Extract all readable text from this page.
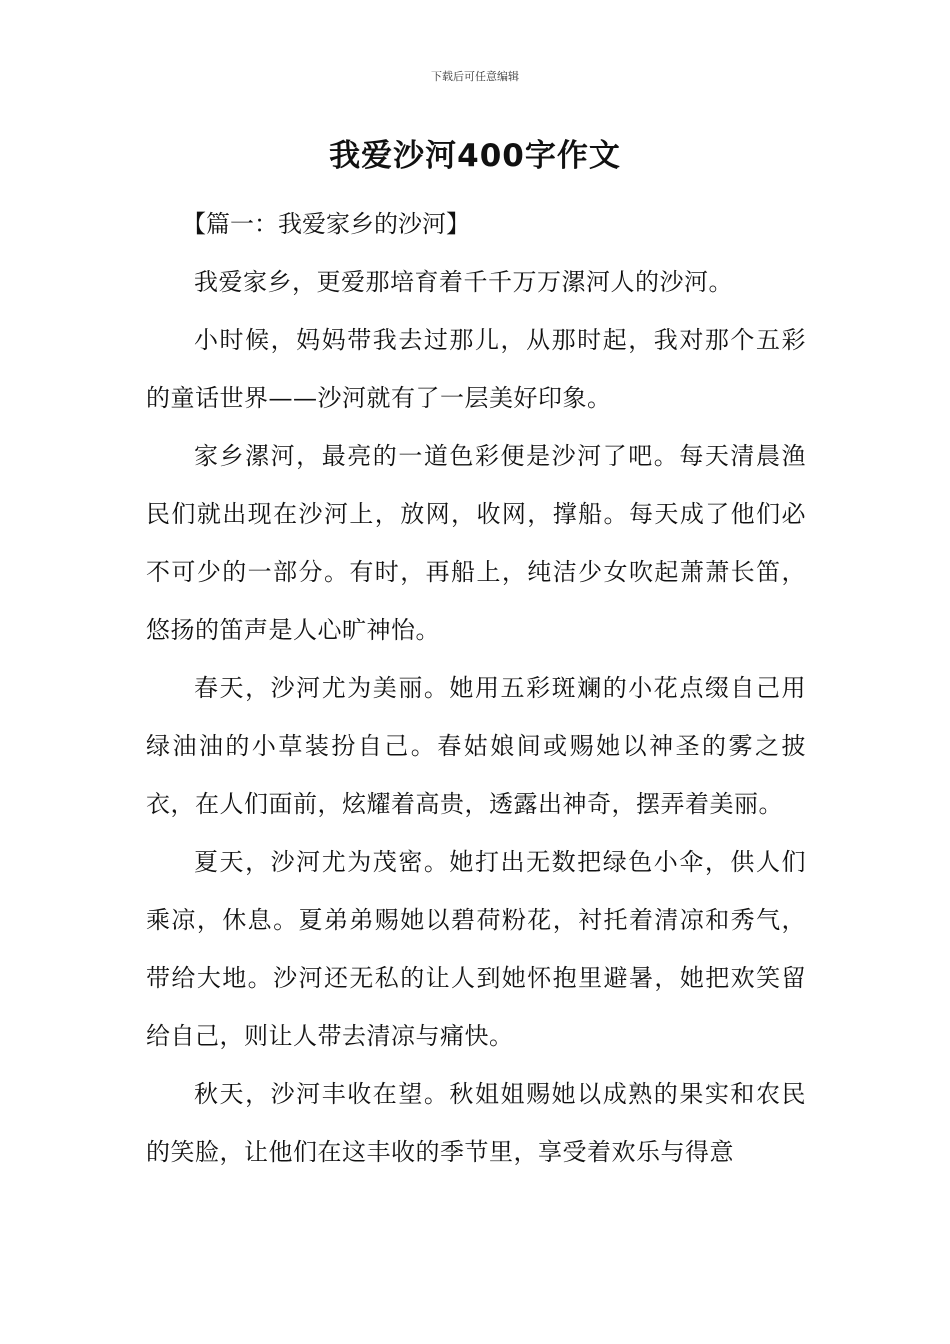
下载后可任意编辑
我爱沙河400字作文

【篇一：我爱家乡的沙河】

我爱家乡，更爱那培育着千千万万漯河人的沙河。

小时候，妈妈带我去过那儿，从那时起，我对那个五彩的童话世界——沙河就有了一层美好印象。

家乡漯河，最亮的一道色彩便是沙河了吧。每天清晨渔民们就出现在沙河上，放网，收网，撑船。每天成了他们必不可少的一部分。有时，再船上，纯洁少女吹起萧萧长笛，悠扬的笛声是人心旷神怡。

春天，沙河尤为美丽。她用五彩斑斓的小花点缀自己用绿油油的小草装扮自己。春姑娘间或赐她以神圣的雾之披衣，在人们面前，炫耀着高贵，透露出神奇，摆弄着美丽。

夏天，沙河尤为茂密。她打出无数把绿色小伞，供人们乘凉，休息。夏弟弟赐她以碧荷粉花，衬托着清凉和秀气，带给大地。沙河还无私的让人到她怀抱里避暑，她把欢笑留给自己，则让人带去清凉与痛快。

秋天，沙河丰收在望。秋姐姐赐她以成熟的果实和农民的笑脸，让他们在这丰收的季节里，享受着欢乐与得意
